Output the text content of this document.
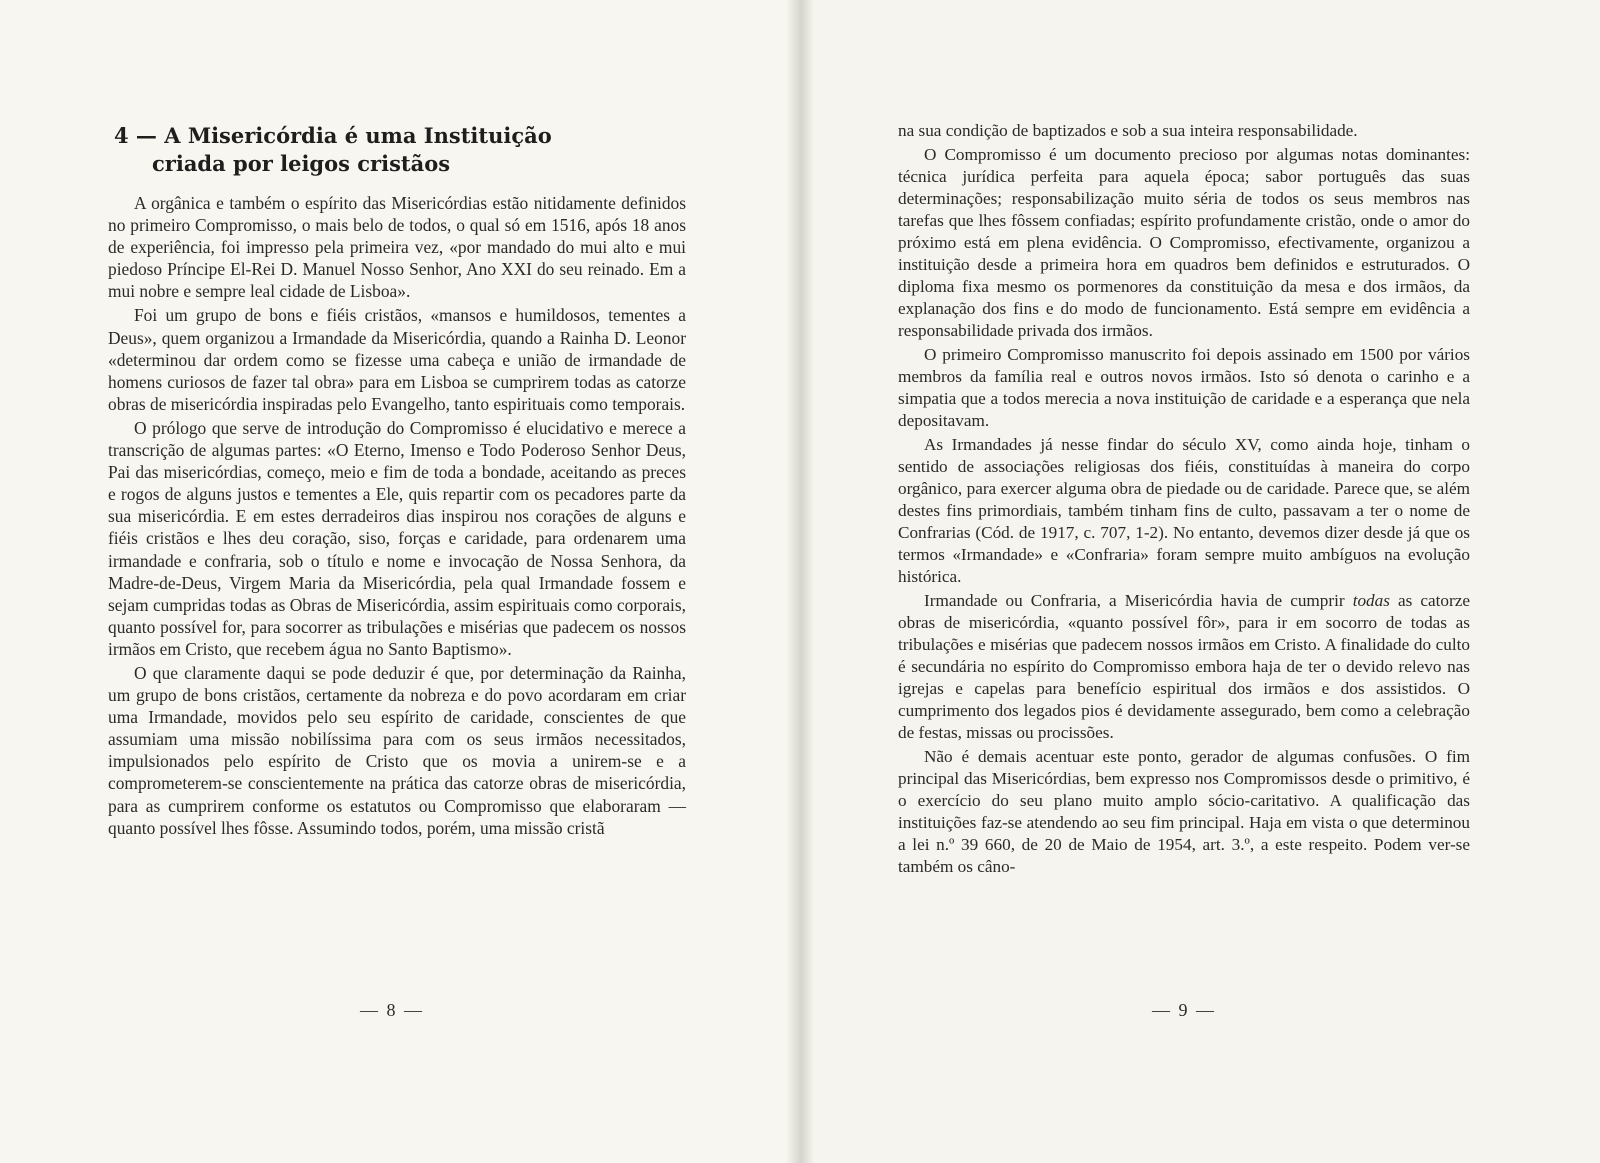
4 — A Misericórdia é uma Instituição
criada por leigos cristãos

A orgânica e também o espírito das Misericórdias estão nitidamente definidos no primeiro Compromisso, o mais belo de todos, o qual só em 1516, após 18 anos de experiência, foi impresso pela primeira vez, «por mandado do mui alto e mui piedoso Príncipe El-Rei D. Manuel Nosso Senhor, Ano XXI do seu reinado. Em a mui nobre e sempre leal cidade de Lisboa».

Foi um grupo de bons e fiéis cristãos, «mansos e humildosos, tementes a Deus», quem organizou a Irmandade da Misericórdia, quando a Rainha D. Leonor «determinou dar ordem como se fizesse uma cabeça e união de irmandade de homens curiosos de fazer tal obra» para em Lisboa se cumprirem todas as catorze obras de misericórdia inspiradas pelo Evangelho, tanto espirituais como temporais.

O prólogo que serve de introdução do Compromisso é elucidativo e merece a transcrição de algumas partes: «O Eterno, Imenso e Todo Poderoso Senhor Deus, Pai das misericórdias, começo, meio e fim de toda a bondade, aceitando as preces e rogos de alguns justos e tementes a Ele, quis repartir com os pecadores parte da sua misericórdia. E em estes derradeiros dias inspirou nos corações de alguns e fiéis cristãos e lhes deu coração, siso, forças e caridade, para ordenarem uma irmandade e confraria, sob o título e nome e invocação de Nossa Senhora, da Madre-de-Deus, Virgem Maria da Misericórdia, pela qual Irmandade fossem e sejam cumpridas todas as Obras de Misericórdia, assim espirituais como corporais, quanto possível for, para socorrer as tribulações e misérias que padecem os nossos irmãos em Cristo, que recebem água no Santo Baptismo».

O que claramente daqui se pode deduzir é que, por determinação da Rainha, um grupo de bons cristãos, certamente da nobreza e do povo acordaram em criar uma Irmandade, movidos pelo seu espírito de caridade, conscientes de que assumiam uma missão nobilíssima para com os seus irmãos necessitados, impulsionados pelo espírito de Cristo que os movia a unirem-se e a comprometerem-se conscientemente na prática das catorze obras de misericórdia, para as cumprirem conforme os estatutos ou Compromisso que elaboraram — quanto possível lhes fôsse. Assumindo todos, porém, uma missão cristã

— 8 —

na sua condição de baptizados e sob a sua inteira responsabilidade.

O Compromisso é um documento precioso por algumas notas dominantes: técnica jurídica perfeita para aquela época; sabor português das suas determinações; responsabilização muito séria de todos os seus membros nas tarefas que lhes fôssem confiadas; espírito profundamente cristão, onde o amor do próximo está em plena evidência. O Compromisso, efectivamente, organizou a instituição desde a primeira hora em quadros bem definidos e estruturados. O diploma fixa mesmo os pormenores da constituição da mesa e dos irmãos, da explanação dos fins e do modo de funcionamento. Está sempre em evidência a responsabilidade privada dos irmãos.

O primeiro Compromisso manuscrito foi depois assinado em 1500 por vários membros da família real e outros novos irmãos. Isto só denota o carinho e a simpatia que a todos merecia a nova instituição de caridade e a esperança que nela depositavam.

As Irmandades já nesse findar do século XV, como ainda hoje, tinham o sentido de associações religiosas dos fiéis, constituídas à maneira do corpo orgânico, para exercer alguma obra de piedade ou de caridade. Parece que, se além destes fins primordiais, também tinham fins de culto, passavam a ter o nome de Confrarias (Cód. de 1917, c. 707, 1-2). No entanto, devemos dizer desde já que os termos «Irmandade» e «Confraria» foram sempre muito ambíguos na evolução histórica.

Irmandade ou Confraria, a Misericórdia havia de cumprir todas as catorze obras de misericórdia, «quanto possível fôr», para ir em socorro de todas as tribulações e misérias que padecem nossos irmãos em Cristo. A finalidade do culto é secundária no espírito do Compromisso embora haja de ter o devido relevo nas igrejas e capelas para benefício espiritual dos irmãos e dos assistidos. O cumprimento dos legados pios é devidamente assegurado, bem como a celebração de festas, missas ou procissões.

Não é demais acentuar este ponto, gerador de algumas confusões. O fim principal das Misericórdias, bem expresso nos Compromissos desde o primitivo, é o exercício do seu plano muito amplo sócio-caritativo. A qualificação das instituições faz-se atendendo ao seu fim principal. Haja em vista o que determinou a lei n.º 39 660, de 20 de Maio de 1954, art. 3.º, a este respeito. Podem ver-se também os câno-

— 9 —
